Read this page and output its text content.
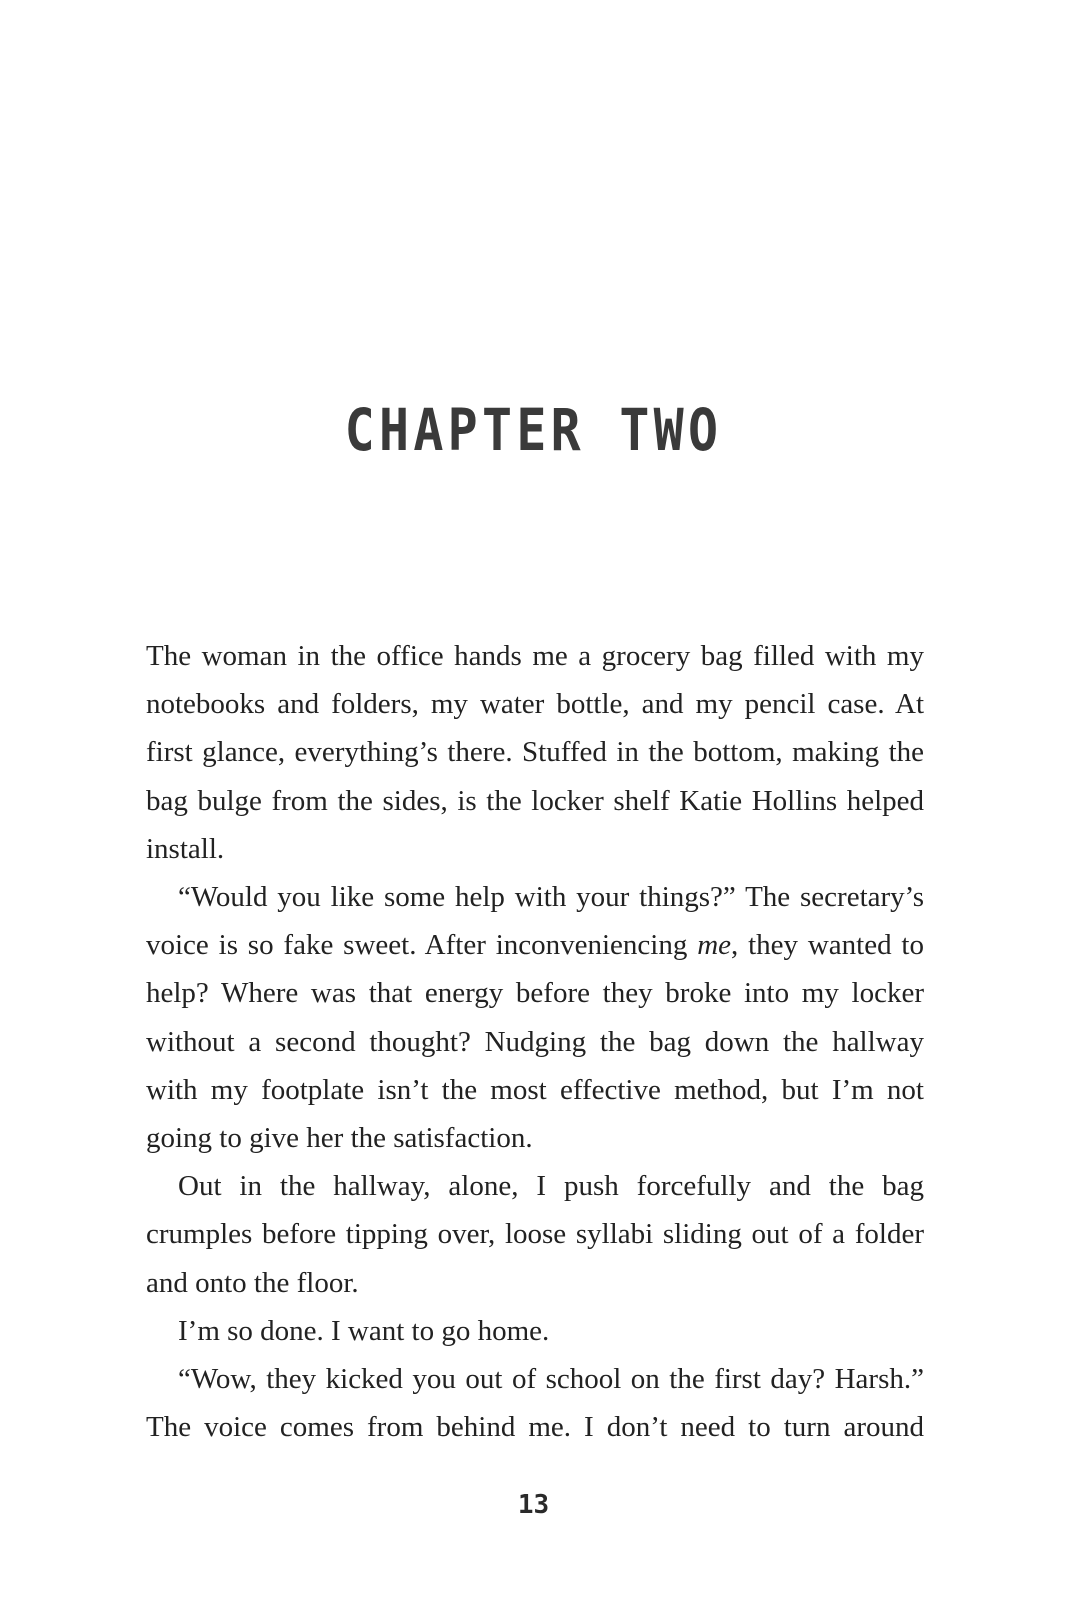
CHAPTER TWO

The woman in the office hands me a grocery bag filled with my notebooks and folders, my water bottle, and my pencil case. At first glance, everything’s there. Stuffed in the bottom, making the bag bulge from the sides, is the locker shelf Katie Hollins helped install.

“Would you like some help with your things?” The secretary’s voice is so fake sweet. After inconveniencing me, they wanted to help? Where was that energy before they broke into my locker without a second thought? Nudging the bag down the hallway with my footplate isn’t the most effective method, but I’m not going to give her the satisfaction.

Out in the hallway, alone, I push forcefully and the bag crumples before tipping over, loose syllabi sliding out of a folder and onto the floor.

I’m so done. I want to go home.

“Wow, they kicked you out of school on the first day? Harsh.” The voice comes from behind me. I don’t need to turn around

13
